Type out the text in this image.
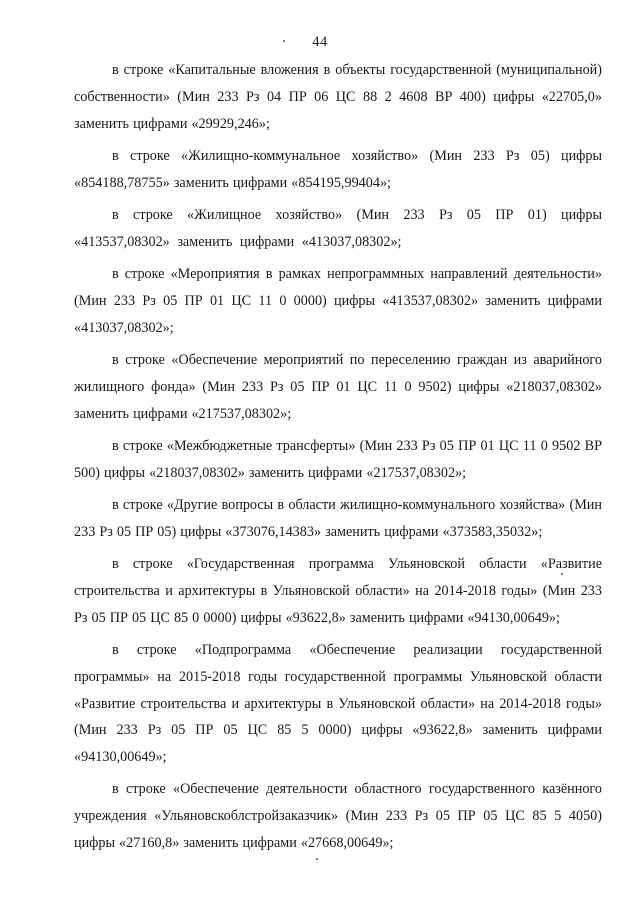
44

в строке «Капитальные вложения в объекты государственной (муниципальной) собственности» (Мин 233 Рз 04 ПР 06 ЦС 88 2 4608 ВР 400) цифры «22705,0» заменить цифрами «29929,246»;

в строке «Жилищно-коммунальное хозяйство» (Мин 233 Рз 05) цифры «854188,78755» заменить цифрами «854195,99404»;

в строке «Жилищное хозяйство» (Мин 233 Рз 05 ПР 01) цифры «413537,08302» заменить цифрами «413037,08302»;

в строке «Мероприятия в рамках непрограммных направлений деятельности» (Мин 233 Рз 05 ПР 01 ЦС 11 0 0000) цифры «413537,08302» заменить цифрами «413037,08302»;

в строке «Обеспечение мероприятий по переселению граждан из аварийного жилищного фонда» (Мин 233 Рз 05 ПР 01 ЦС 11 0 9502) цифры «218037,08302» заменить цифрами «217537,08302»;

в строке «Межбюджетные трансферты» (Мин 233 Рз 05 ПР 01 ЦС 11 0 9502 ВР 500) цифры «218037,08302» заменить цифрами «217537,08302»;

в строке «Другие вопросы в области жилищно-коммунального хозяйства» (Мин 233 Рз 05 ПР 05) цифры «373076,14383» заменить цифрами «373583,35032»;

в строке «Государственная программа Ульяновской области «Развитие строительства и архитектуры в Ульяновской области» на 2014-2018 годы» (Мин 233 Рз 05 ПР 05 ЦС 85 0 0000) цифры «93622,8» заменить цифрами «94130,00649»;

в строке «Подпрограмма «Обеспечение реализации государственной программы» на 2015-2018 годы государственной программы Ульяновской области «Развитие строительства и архитектуры в Ульяновской области» на 2014-2018 годы» (Мин 233 Рз 05 ПР 05 ЦС 85 5 0000) цифры «93622,8» заменить цифрами «94130,00649»;

в строке «Обеспечение деятельности областного государственного казённого учреждения «Ульяновскоблстройзаказчик» (Мин 233 Рз 05 ПР 05 ЦС 85 5 4050) цифры «27160,8» заменить цифрами «27668,00649»;
